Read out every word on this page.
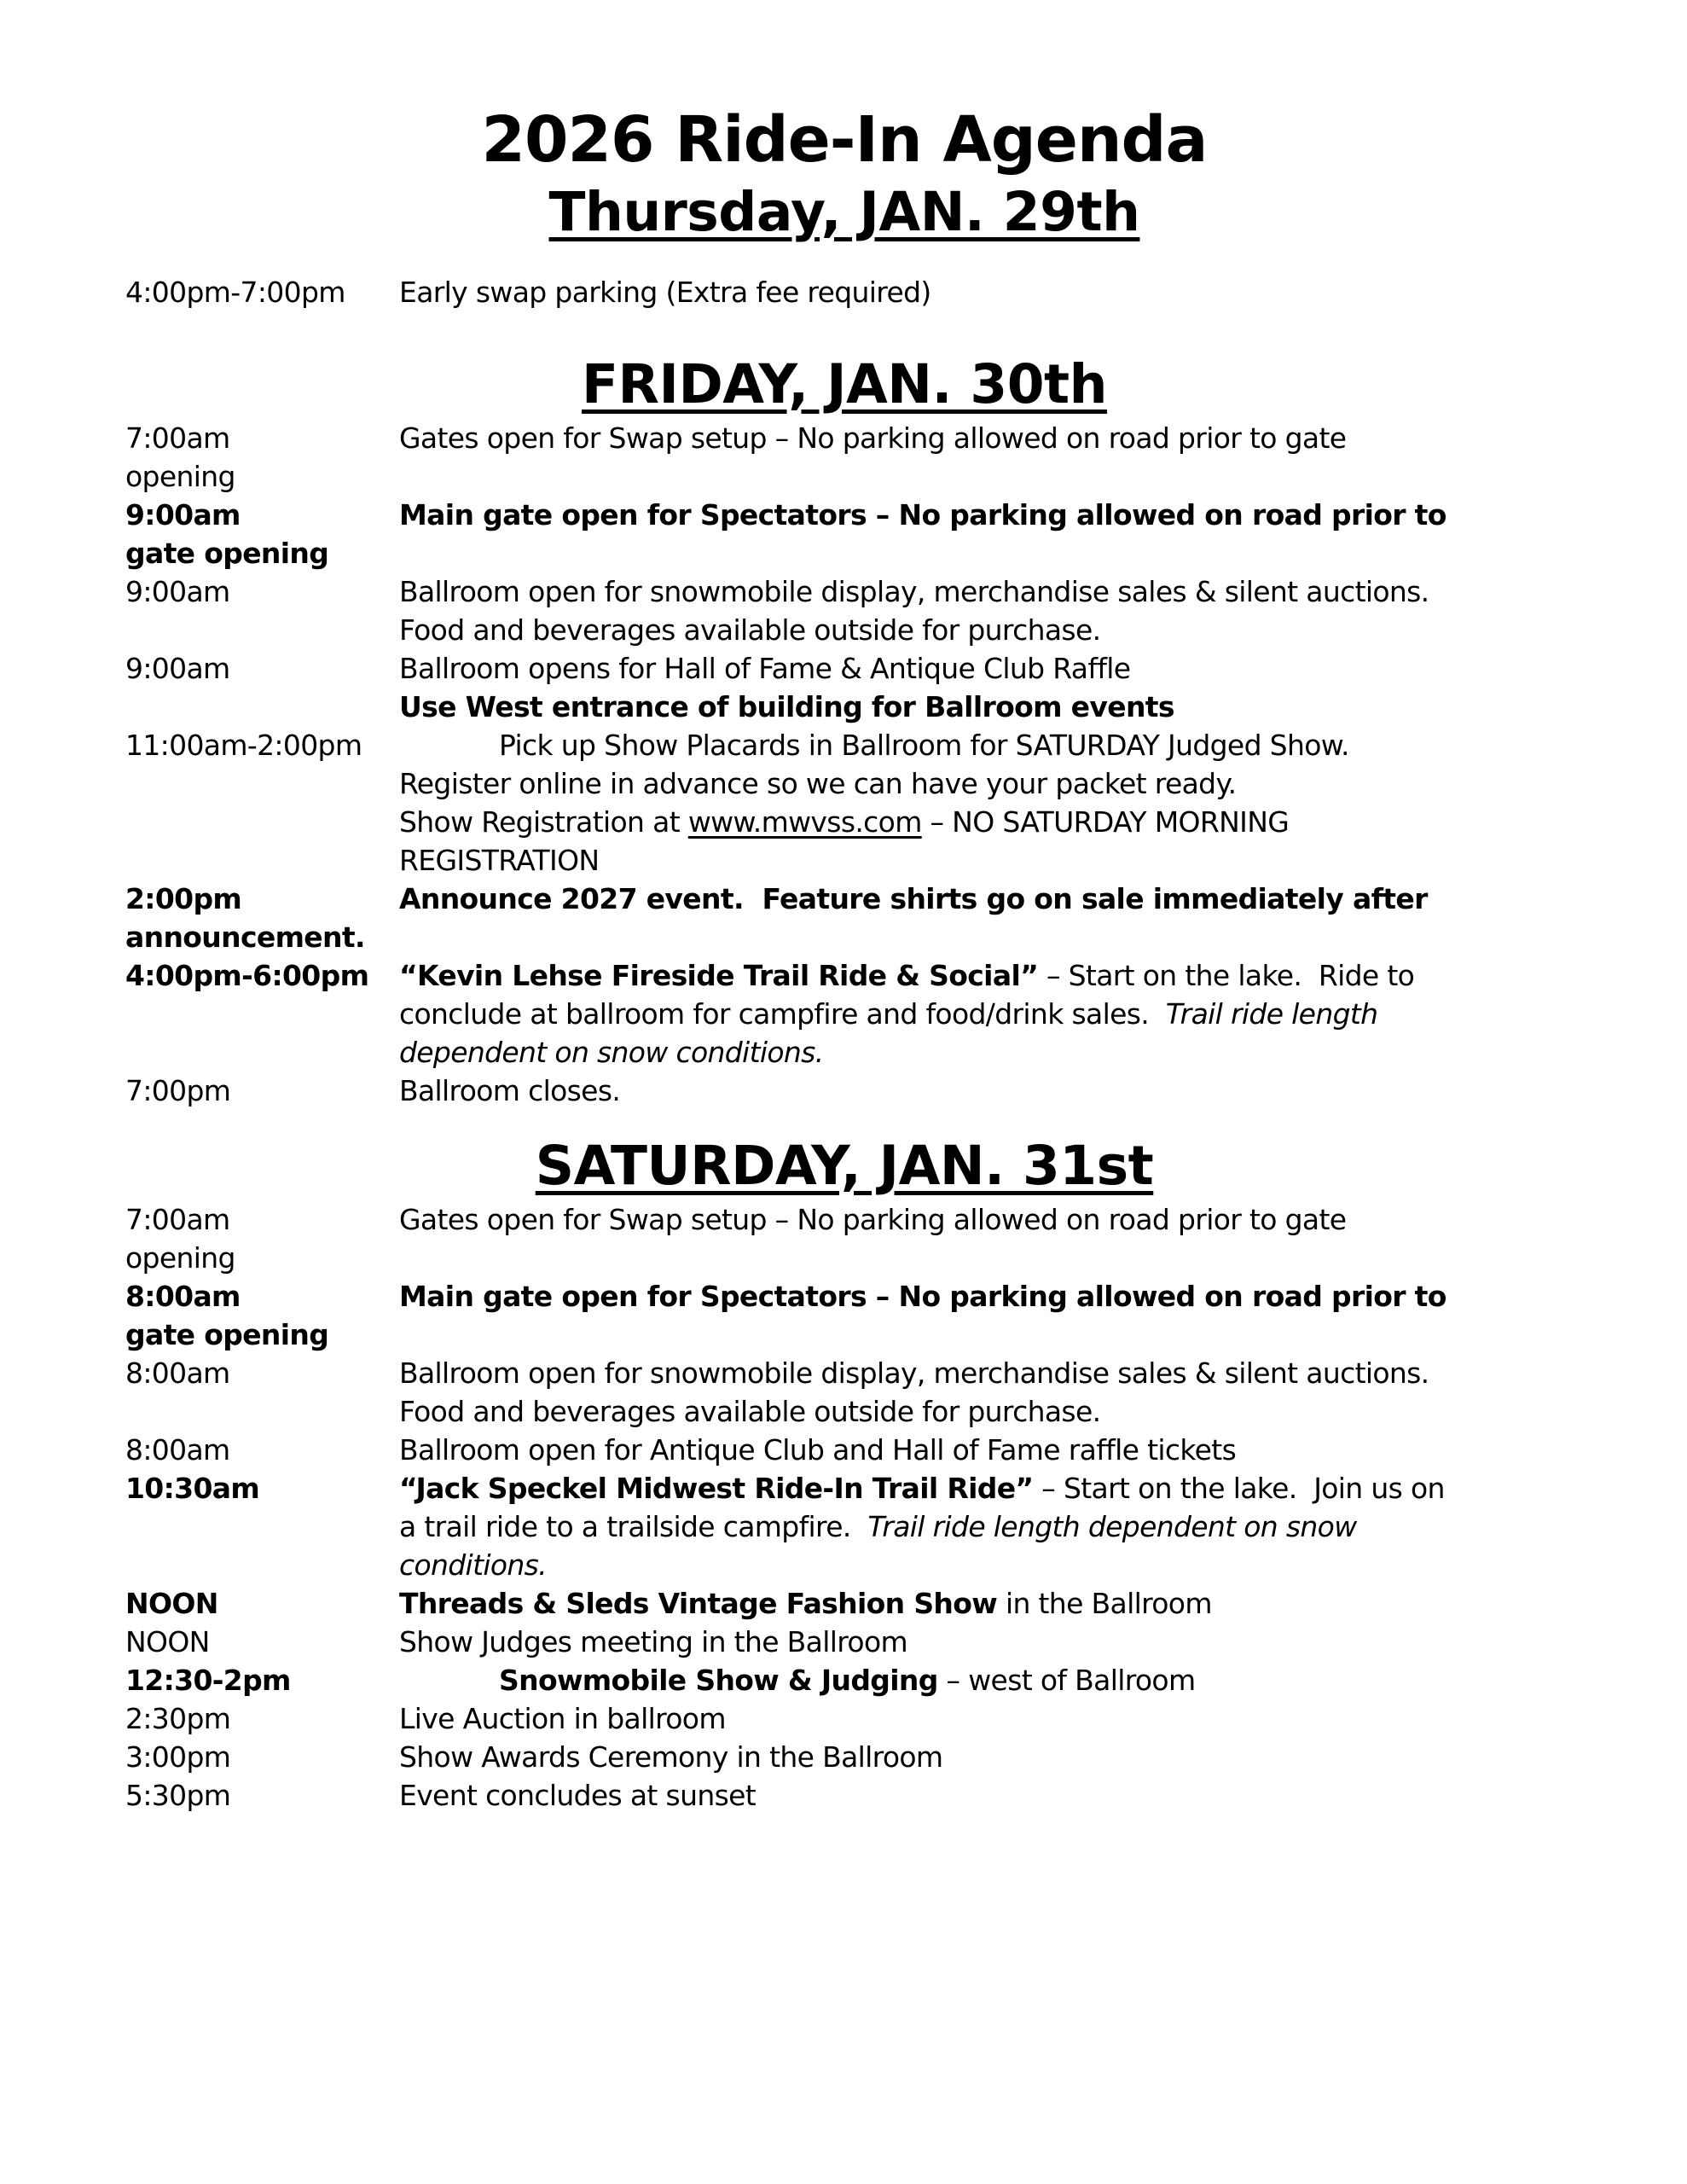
2026 Ride-In Agenda
Thursday, JAN. 29th
4:00pm-7:00pm Early swap parking (Extra fee required)
FRIDAY, JAN. 30th
7:00am	Gates open for Swap setup – No parking allowed on road prior to gate
opening
9:00am	Main gate open for Spectators – No parking allowed on road prior to
gate opening
9:00am	Ballroom open for snowmobile display, merchandise sales & silent auctions.
Food and beverages available outside for purchase.
9:00am	Ballroom opens for Hall of Fame & Antique Club Raffle
Use West entrance of building for Ballroom events
11:00am-2:00pm	Pick up Show Placards in Ballroom for SATURDAY Judged Show.
Register online in advance so we can have your packet ready.
Show Registration at www.mwvss.com – NO SATURDAY MORNING
REGISTRATION
2:00pm	Announce 2027 event.  Feature shirts go on sale immediately after
announcement.
4:00pm-6:00pm “Kevin Lehse Fireside Trail Ride & Social” – Start on the lake.  Ride to
conclude at ballroom for campfire and food/drink sales.  Trail ride length
dependent on snow conditions.
7:00pm	Ballroom closes.
SATURDAY, JAN. 31st
7:00am	Gates open for Swap setup – No parking allowed on road prior to gate
opening
8:00am	Main gate open for Spectators – No parking allowed on road prior to
gate opening
8:00am	Ballroom open for snowmobile display, merchandise sales & silent auctions.
Food and beverages available outside for purchase.
8:00am	Ballroom open for Antique Club and Hall of Fame raffle tickets
10:30am	“Jack Speckel Midwest Ride-In Trail Ride” – Start on the lake.  Join us on
a trail ride to a trailside campfire.  Trail ride length dependent on snow
conditions.
NOON	Threads & Sleds Vintage Fashion Show in the Ballroom
NOON	Show Judges meeting in the Ballroom
12:30-2pm	Snowmobile Show & Judging – west of Ballroom
2:30pm	Live Auction in ballroom
3:00pm	Show Awards Ceremony in the Ballroom
5:30pm	Event concludes at sunset
